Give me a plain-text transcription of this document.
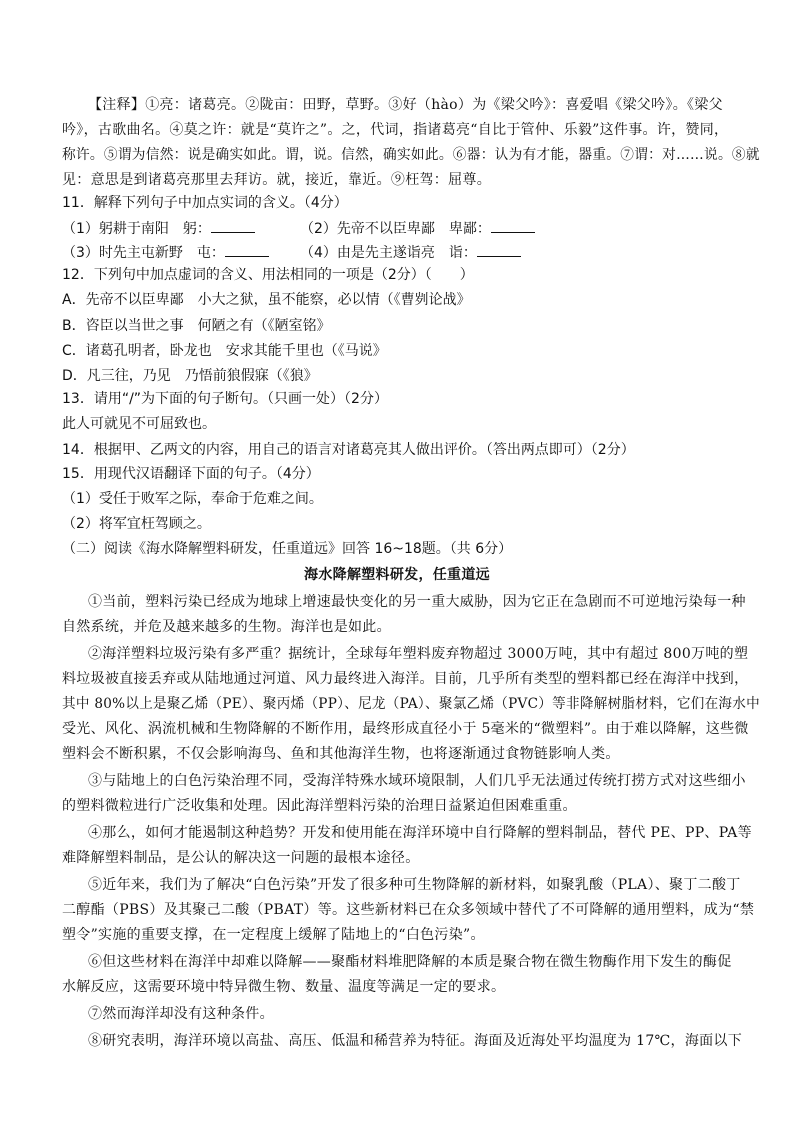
【注释】①亮：诸葛亮。②陇亩：田野，草野。③好（hào）为《梁父吟》：喜爱唱《梁父吟》。《梁父
吟》，古歌曲名。④莫之许：就是“莫许之”。之，代词，指诸葛亮“自比于管仲、乐毅”这件事。许，赞同，
称许。⑤谓为信然：说是确实如此。谓，说。信然，确实如此。⑥器：认为有才能，器重。⑦谓：对……说。⑧就
见：意思是到诸葛亮那里去拜访。就，接近，靠近。⑨枉驾：屈尊。
11．解释下列句子中加点实词的含义。（4分）
（1）躬耕于南阳　躬：	（2）先帝不以臣卑鄙　卑鄙：
（3）时先主屯新野　屯：	（4）由是先主遂诣亮　诣：
12．下列句中加点虚词的含义、用法相同的一项是（2分）（　　）
A．先帝不以臣卑鄙　小大之狱，虽不能察，必以情（《曹刿论战》
B．咨臣以当世之事　何陋之有（《陋室铭》
C．诸葛孔明者，卧龙也　安求其能千里也（《马说》
D．凡三往，乃见　乃悟前狼假寐（《狼》
13．请用“/”为下面的句子断句。（只画一处）（2分）
此人可就见不可屈致也。
14．根据甲、乙两文的内容，用自己的语言对诸葛亮其人做出评价。（答出两点即可）（2分）
15．用现代汉语翻译下面的句子。（4分）
（1）受任于败军之际，奉命于危难之间。
（2）将军宜枉驾顾之。
（二）阅读《海水降解塑料研发，任重道远》回答 16~18题。（共 6分）
海水降解塑料研发，任重道远
①当前，塑料污染已经成为地球上增速最快变化的另一重大威胁，因为它正在急剧而不可逆地污染每一种
自然系统，并危及越来越多的生物。海洋也是如此。
②海洋塑料垃圾污染有多严重？据统计，全球每年塑料废弃物超过 3000万吨，其中有超过 800万吨的塑
料垃圾被直接丢弃或从陆地通过河道、风力最终进入海洋。目前，几乎所有类型的塑料都已经在海洋中找到，
其中 80%以上是聚乙烯（PE）、聚丙烯（PP）、尼龙（PA）、聚氯乙烯（PVC）等非降解树脂材料，它们在海水中
受光、风化、涡流机械和生物降解的不断作用，最终形成直径小于 5毫米的“微塑料”。由于难以降解，这些微
塑料会不断积累，不仅会影响海鸟、鱼和其他海洋生物，也将逐渐通过食物链影响人类。
③与陆地上的白色污染治理不同，受海洋特殊水域环境限制，人们几乎无法通过传统打捞方式对这些细小
的塑料微粒进行广泛收集和处理。因此海洋塑料污染的治理日益紧迫但困难重重。
④那么，如何才能遏制这种趋势？开发和使用能在海洋环境中自行降解的塑料制品，替代 PE、PP、PA等
难降解塑料制品，是公认的解决这一问题的最根本途径。
⑤近年来，我们为了解决“白色污染”开发了很多种可生物降解的新材料，如聚乳酸（PLA）、聚丁二酸丁
二醇酯（PBS）及其聚己二酸（PBAT）等。这些新材料已在众多领域中替代了不可降解的通用塑料，成为“禁
塑令”实施的重要支撑，在一定程度上缓解了陆地上的“白色污染”。
⑥但这些材料在海洋中却难以降解——聚酯材料堆肥降解的本质是聚合物在微生物酶作用下发生的酶促
水解反应，这需要环境中特异微生物、数量、温度等满足一定的要求。
⑦然而海洋却没有这种条件。
⑧研究表明，海洋环境以高盐、高压、低温和稀营养为特征。海面及近海处平均温度为 17℃，海面以下
